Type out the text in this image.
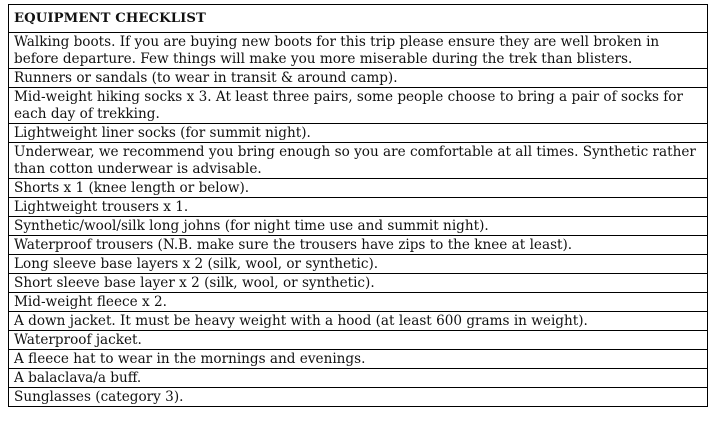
EQUIPMENT CHECKLIST
Walking boots. If you are buying new boots for this trip please ensure they are well broken in before departure. Few things will make you more miserable during the trek than blisters.
Runners or sandals (to wear in transit & around camp).
Mid-weight hiking socks x 3. At least three pairs, some people choose to bring a pair of socks for each day of trekking.
Lightweight liner socks (for summit night).
Underwear, we recommend you bring enough so you are comfortable at all times. Synthetic rather than cotton underwear is advisable.
Shorts x 1 (knee length or below).
Lightweight trousers x 1.
Synthetic/wool/silk long johns (for night time use and summit night).
Waterproof trousers (N.B. make sure the trousers have zips to the knee at least).
Long sleeve base layers x 2 (silk, wool, or synthetic).
Short sleeve base layer x 2 (silk, wool, or synthetic).
Mid-weight fleece x 2.
A down jacket. It must be heavy weight with a hood (at least 600 grams in weight).
Waterproof jacket.
A fleece hat to wear in the mornings and evenings.
A balaclava/a buff.
Sunglasses (category 3).
